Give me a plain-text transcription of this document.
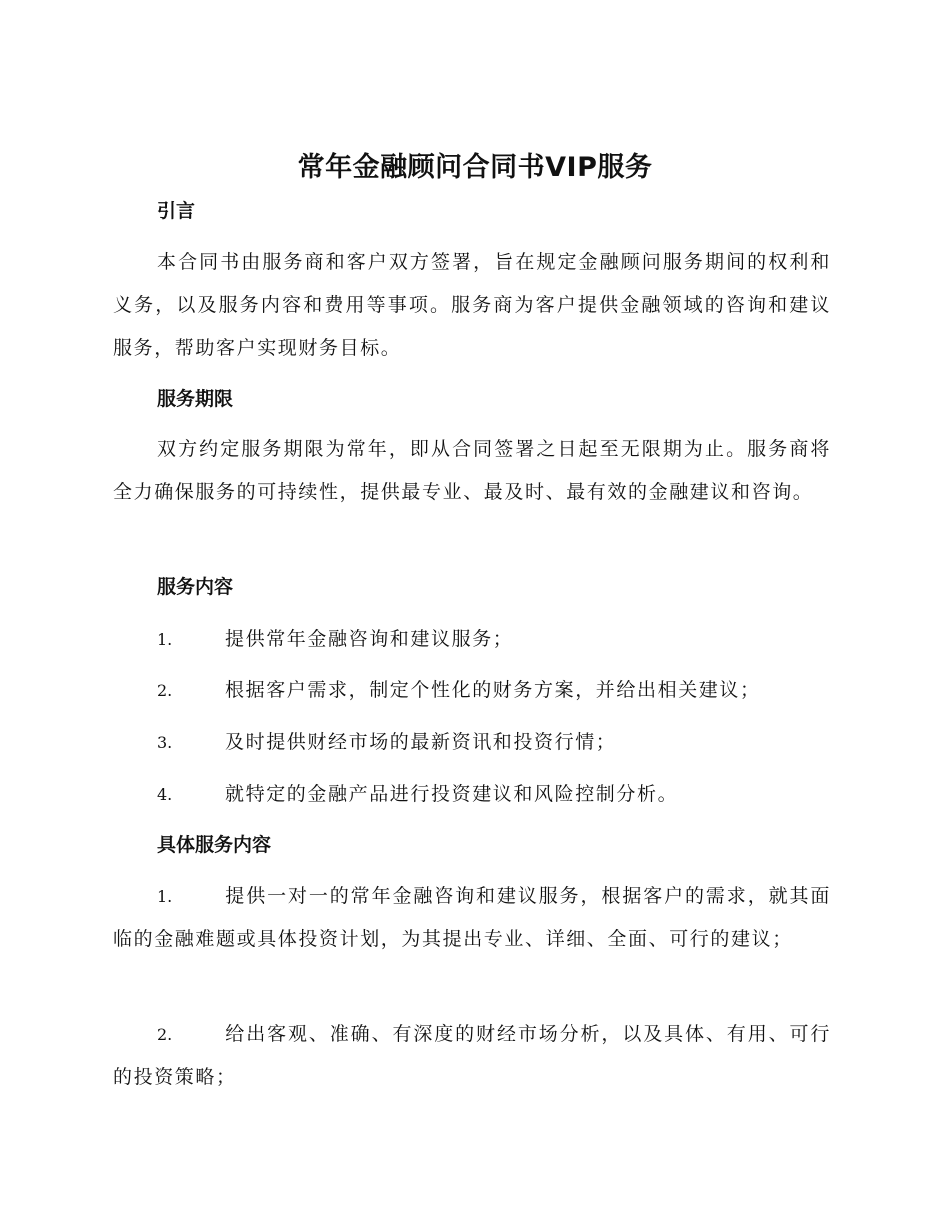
常年金融顾问合同书VIP服务
引言

本合同书由服务商和客户双方签署，旨在规定金融顾问服务期间的权利和义务，以及服务内容和费用等事项。服务商为客户提供金融领域的咨询和建议服务，帮助客户实现财务目标。

服务期限

双方约定服务期限为常年，即从合同签署之日起至无限期为止。服务商将全力确保服务的可持续性，提供最专业、最及时、最有效的金融建议和咨询。

服务内容
1.	提供常年金融咨询和建议服务；
2.	根据客户需求，制定个性化的财务方案，并给出相关建议；
3.	及时提供财经市场的最新资讯和投资行情；
4.	就特定的金融产品进行投资建议和风险控制分析。
具体服务内容

1.	提供一对一的常年金融咨询和建议服务，根据客户的需求，就其面临的金融难题或具体投资计划，为其提出专业、详细、全面、可行的建议；

2.	给出客观、准确、有深度的财经市场分析，以及具体、有用、可行的投资策略；
